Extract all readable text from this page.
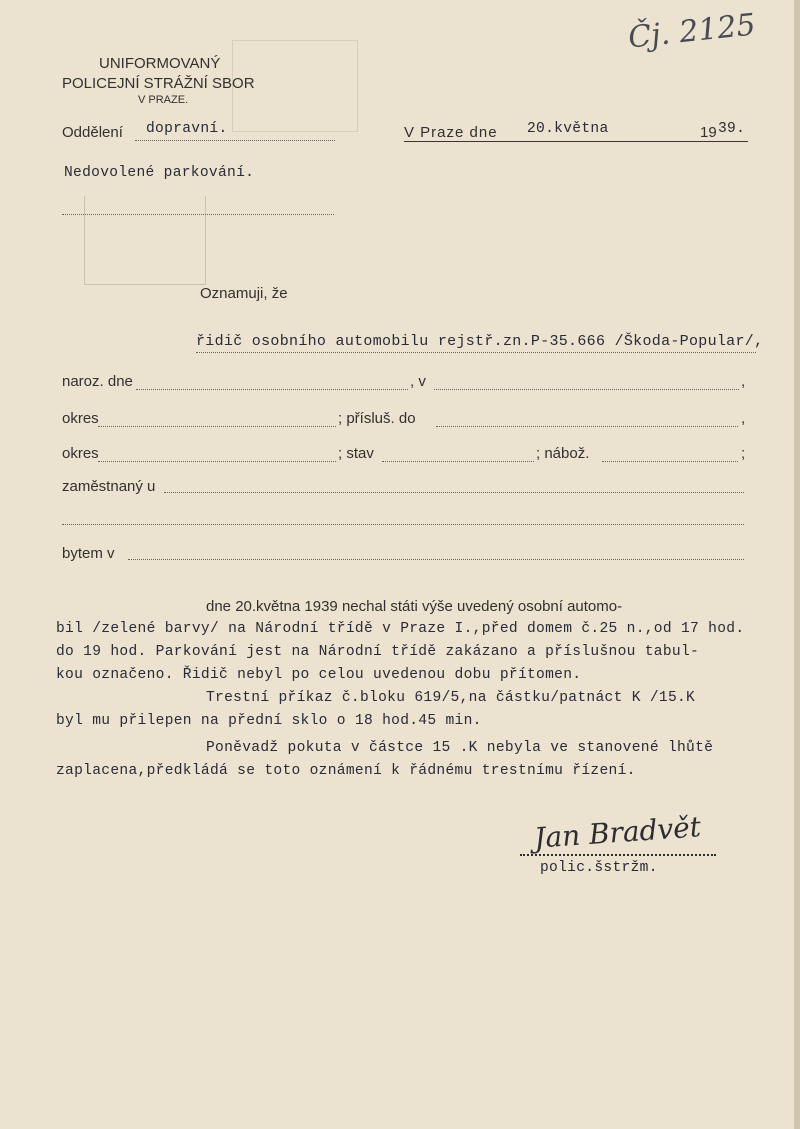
UNIFORMOVANÝ
POLICEJNÍ STRÁŽNÍ SBOR
V PRAZE.
Čj. 2125
Oddělení dopravní.	V Praze dne 20.května	19 39.
Nedovolené parkování.
Oznamuji, že
řidič osobního automobilu rejstř.zn.P-35.666 /Škoda-Popular/,
naroz. dne	, v	,
okres	; přísluš. do	,
okres	; stav	; nábož.	;
zaměstnaný u
bytem v
dne 20.května 1939 nechal státi výše uvedený osobní automo-
bil /zelené barvy/ na Národní třídě v Praze I.,před domem č.25 n.,od 17 hod.
do 19 hod. Parkování jest na Národní třídě zakázano a příslušnou tabul-
kou označeno. Řidič nebyl po celou uvedenou dobu přítomen.
Trestní příkaz č.bloku 619/5,na částku/patnáct K /15.K
byl mu přilepen na přední sklo o 18 hod.45 min.
Poněvadž pokuta v částce 15 .K nebyla ve stanovené lhůtě
zaplacena,předkládá se toto oznámení k řádnému trestnímu řízení.
Jan Bradvět
polic.šstržm.
